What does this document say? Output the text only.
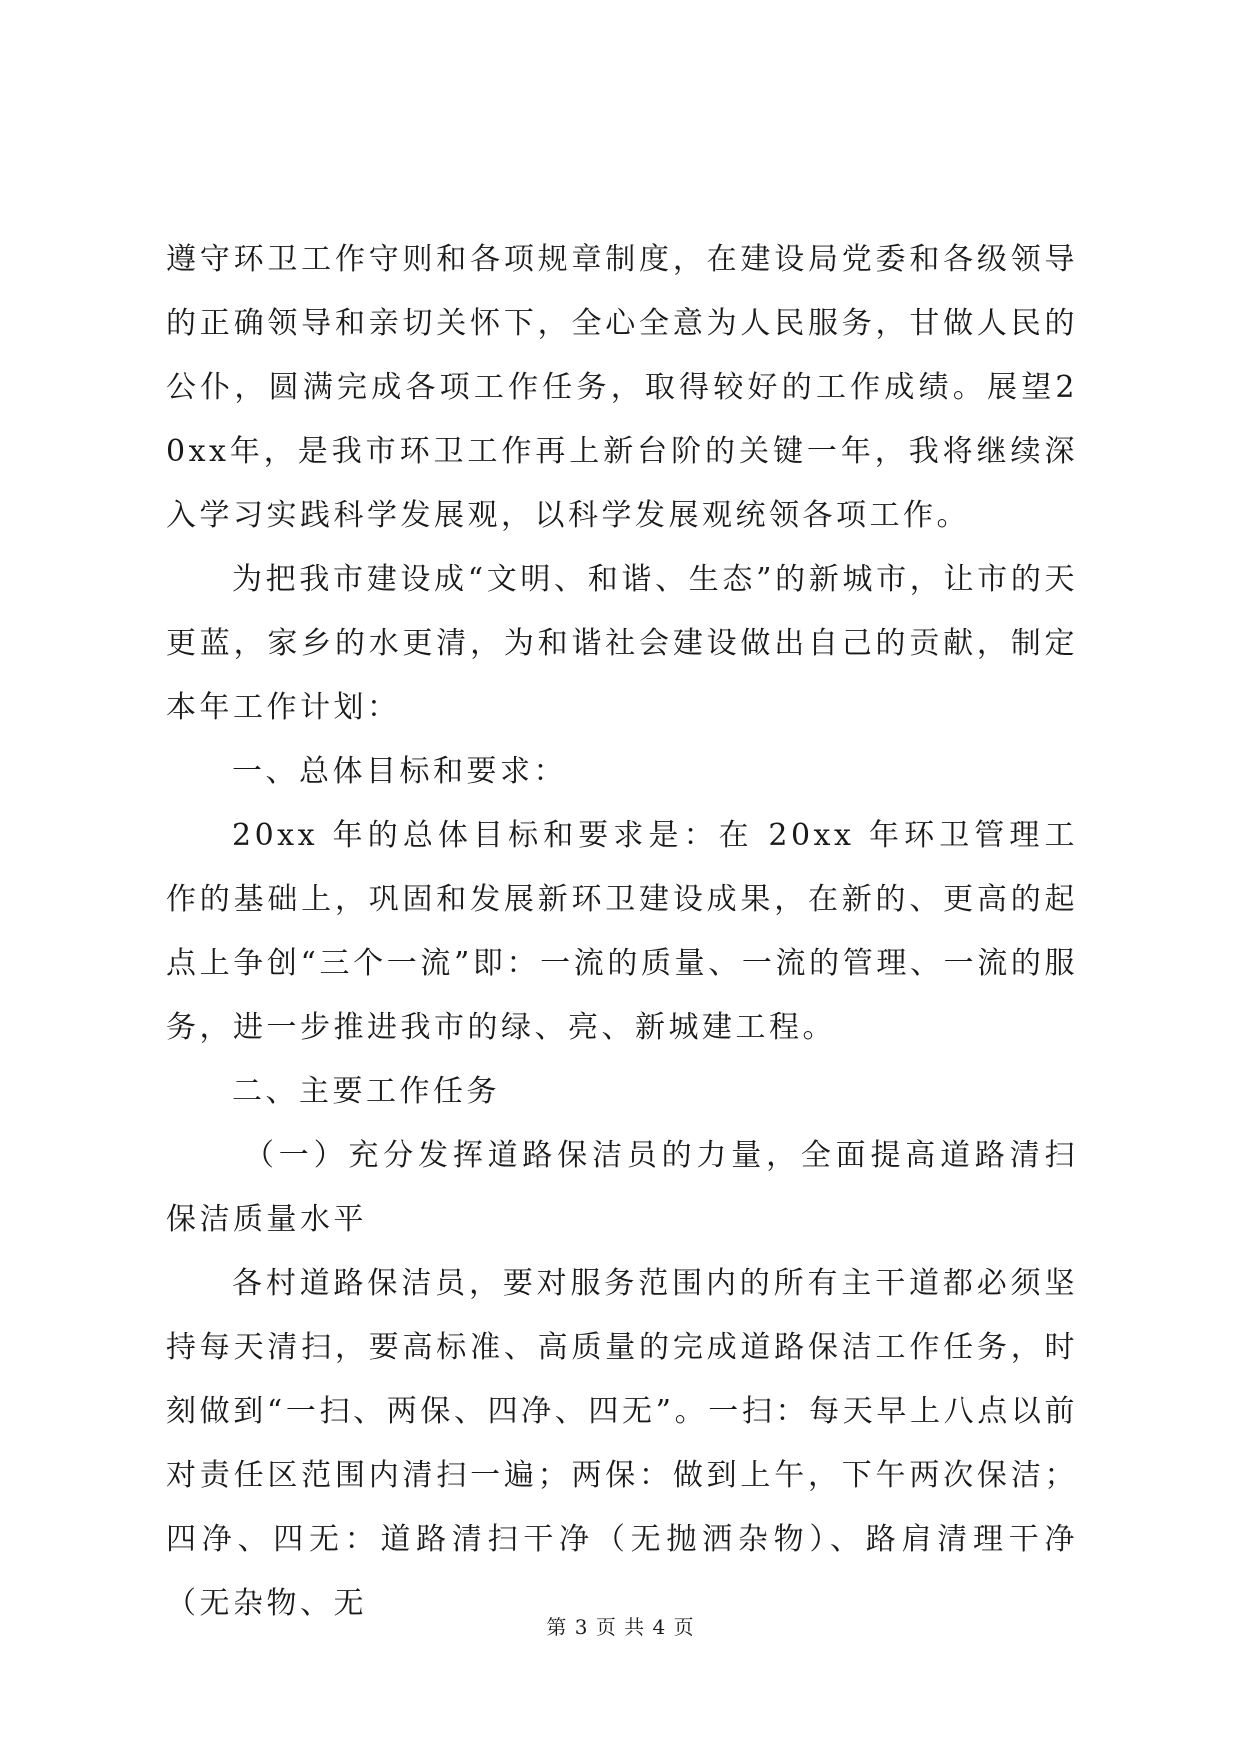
遵守环卫工作守则和各项规章制度，在建设局党委和各级领导的正确领导和亲切关怀下，全心全意为人民服务，甘做人民的公仆，圆满完成各项工作任务，取得较好的工作成绩。展望20xx年，是我市环卫工作再上新台阶的关键一年，我将继续深入学习实践科学发展观，以科学发展观统领各项工作。

为把我市建设成“文明、和谐、生态”的新城市，让市的天更蓝，家乡的水更清，为和谐社会建设做出自己的贡献，制定本年工作计划：

一、总体目标和要求：

20xx 年的总体目标和要求是：在 20xx 年环卫管理工作的基础上，巩固和发展新环卫建设成果，在新的、更高的起点上争创“三个一流”即：一流的质量、一流的管理、一流的服务，进一步推进我市的绿、亮、新城建工程。

二、主要工作任务

（一）充分发挥道路保洁员的力量，全面提高道路清扫保洁质量水平

各村道路保洁员，要对服务范围内的所有主干道都必须坚持每天清扫，要高标准、高质量的完成道路保洁工作任务，时刻做到“一扫、两保、四净、四无”。一扫：每天早上八点以前对责任区范围内清扫一遍；两保：做到上午，下午两次保洁；四净、四无：道路清扫干净（无抛洒杂物）、路肩清理干净（无杂物、无

第 3 页 共 4 页
